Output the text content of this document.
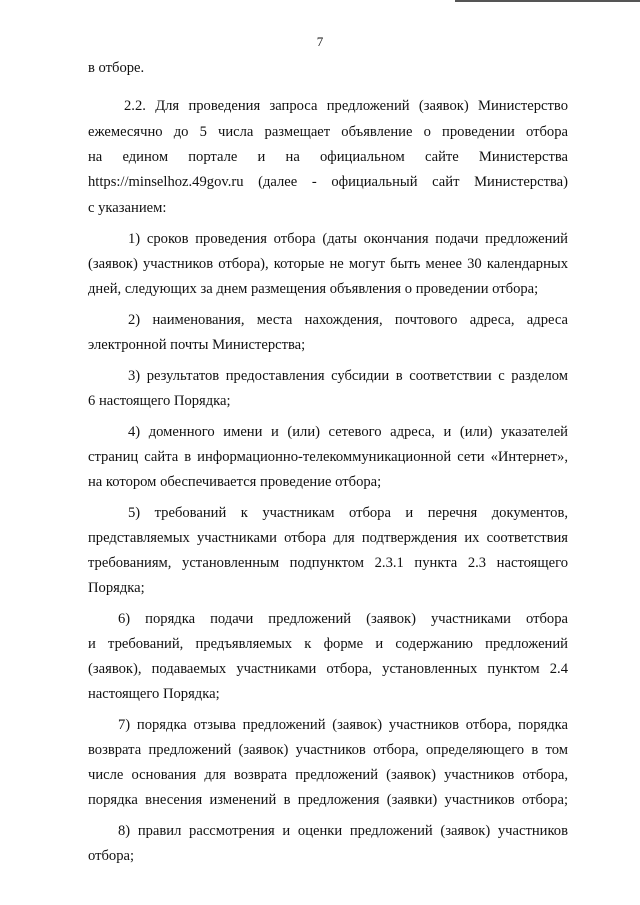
7
в отборе.
2.2. Для проведения запроса предложений (заявок) Министерство
ежемесячно до 5 числа размещает объявление о проведении отбора
на едином портале и на официальном сайте Министерства
https://minselhoz.49gov.ru (далее - официальный сайт Министерства)
с указанием:
1) сроков проведения отбора (даты окончания подачи предложений
(заявок) участников отбора), которые не могут быть менее 30 календарных
дней, следующих за днем размещения объявления о проведении отбора;
2) наименования, места нахождения, почтового адреса, адреса
электронной почты Министерства;
3) результатов предоставления субсидии в соответствии с разделом
6 настоящего Порядка;
4) доменного имени и (или) сетевого адреса, и (или) указателей
страниц сайта в информационно-телекоммуникационной сети «Интернет»,
на котором обеспечивается проведение отбора;
5) требований к участникам отбора и перечня документов,
представляемых участниками отбора для подтверждения их соответствия
требованиям, установленным подпунктом 2.3.1 пункта 2.3 настоящего
Порядка;
6) порядка подачи предложений (заявок) участниками отбора
и требований, предъявляемых к форме и содержанию предложений
(заявок), подаваемых участниками отбора, установленных пунктом 2.4
настоящего Порядка;
7) порядка отзыва предложений (заявок) участников отбора, порядка
возврата предложений (заявок) участников отбора, определяющего в том
числе основания для возврата предложений (заявок) участников отбора,
порядка внесения изменений в предложения (заявки) участников отбора;
8) правил рассмотрения и оценки предложений (заявок) участников
отбора;
